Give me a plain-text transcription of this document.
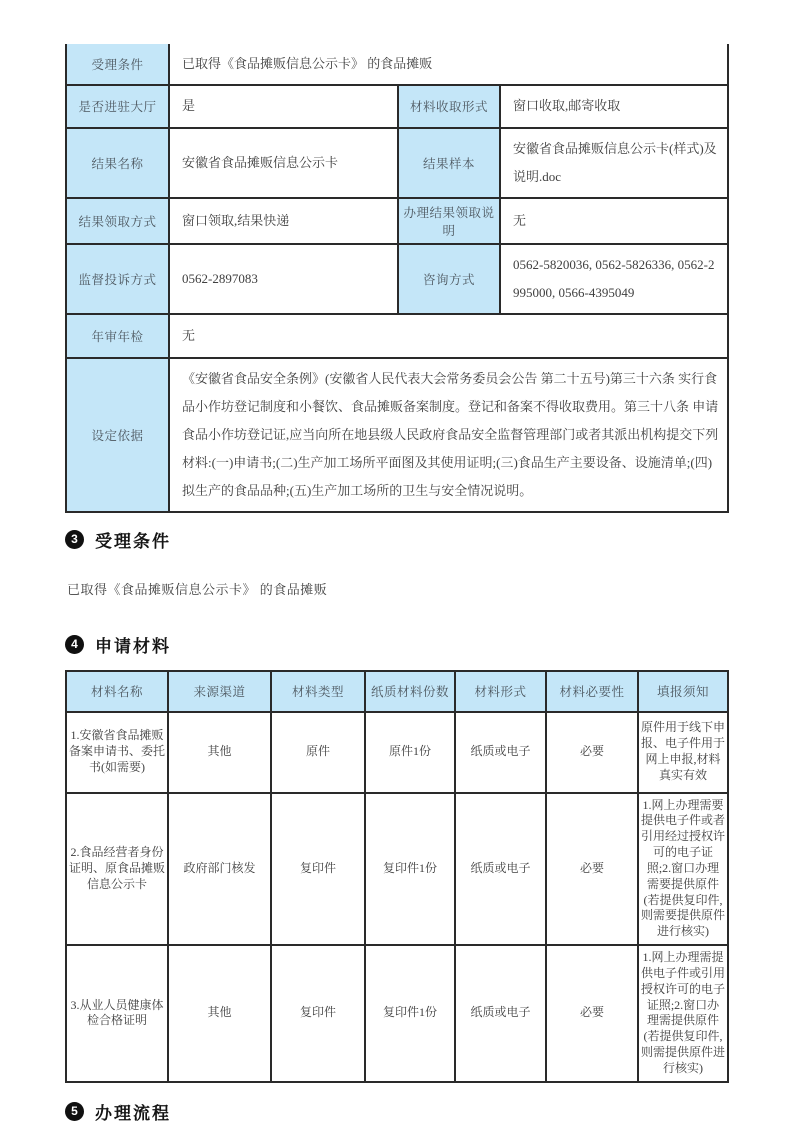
受理条件	已取得《食品摊贩信息公示卡》 的食品摊贩		
是否进驻大厅	是	材料收取形式	窗口收取,邮寄收取
结果名称	安徽省食品摊贩信息公示卡	结果样本	安徽省食品摊贩信息公示卡(样式)及说明.doc
结果领取方式	窗口领取,结果快递	办理结果领取说明	无
监督投诉方式	0562-2897083	咨询方式	0562-5820036, 0562-5826336, 0562-2995000, 0566-4395049
年审年检	无		
设定依据	《安徽省食品安全条例》(安徽省人民代表大会常务委员会公告 第二十五号)第三十六条 实行食品小作坊登记制度和小餐饮、食品摊贩备案制度。登记和备案不得收取费用。第三十八条 申请食品小作坊登记证,应当向所在地县级人民政府食品安全监督管理部门或者其派出机构提交下列材料:(一)申请书;(二)生产加工场所平面图及其使用证明;(三)食品生产主要设备、设施清单;(四)拟生产的食品品种;(五)生产加工场所的卫生与安全情况说明。		
3	受理条件
已取得《食品摊贩信息公示卡》 的食品摊贩
4	申请材料
材料名称	来源渠道	材料类型	纸质材料份数	材料形式	材料必要性	填报须知
1.安徽省食品摊贩备案申请书、委托书(如需要)	其他	原件	原件1份	纸质或电子	必要	原件用于线下申报、电子件用于网上申报,材料真实有效
2.食品经营者身份证明、原食品摊贩信息公示卡	政府部门核发	复印件	复印件1份	纸质或电子	必要	1.网上办理需要提供电子件或者引用经过授权许可的电子证照;2.窗口办理需要提供原件(若提供复印件,则需要提供原件进行核实)
3.从业人员健康体检合格证明	其他	复印件	复印件1份	纸质或电子	必要	1.网上办理需提供电子件或引用授权许可的电子证照;2.窗口办理需提供原件(若提供复印件,则需提供原件进行核实)
5	办理流程
